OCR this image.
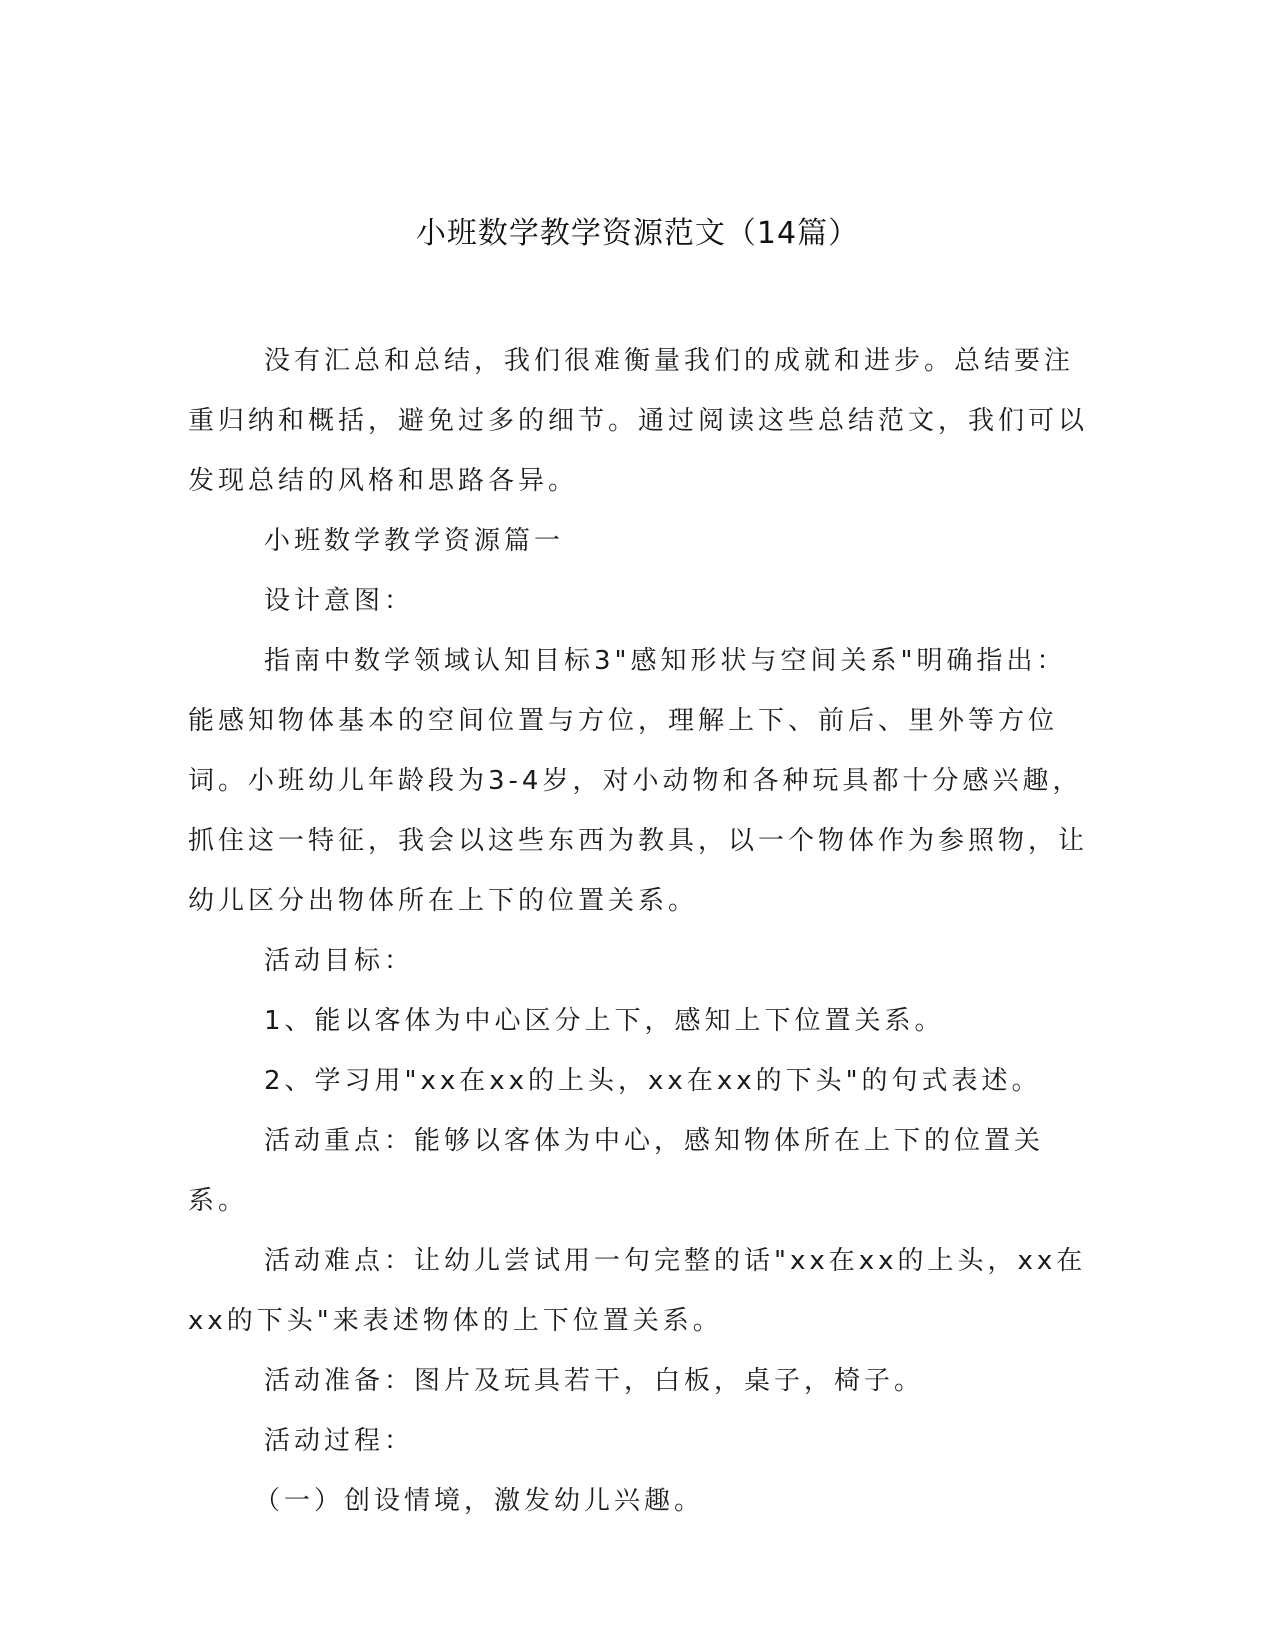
小班数学教学资源范文（14篇）

没有汇总和总结，我们很难衡量我们的成就和进步。总结要注重归纳和概括，避免过多的细节。通过阅读这些总结范文，我们可以发现总结的风格和思路各异。

小班数学教学资源篇一

设计意图：

指南中数学领域认知目标3"感知形状与空间关系"明确指出：能感知物体基本的空间位置与方位，理解上下、前后、里外等方位词。小班幼儿年龄段为3-4岁，对小动物和各种玩具都十分感兴趣，抓住这一特征，我会以这些东西为教具，以一个物体作为参照物，让幼儿区分出物体所在上下的位置关系。

活动目标：

1、能以客体为中心区分上下，感知上下位置关系。

2、学习用"xx在xx的上头，xx在xx的下头"的句式表述。

活动重点：能够以客体为中心，感知物体所在上下的位置关系。

活动难点：让幼儿尝试用一句完整的话"xx在xx的上头，xx在xx的下头"来表述物体的上下位置关系。

活动准备：图片及玩具若干，白板，桌子，椅子。

活动过程：

（一）创设情境，激发幼儿兴趣。
